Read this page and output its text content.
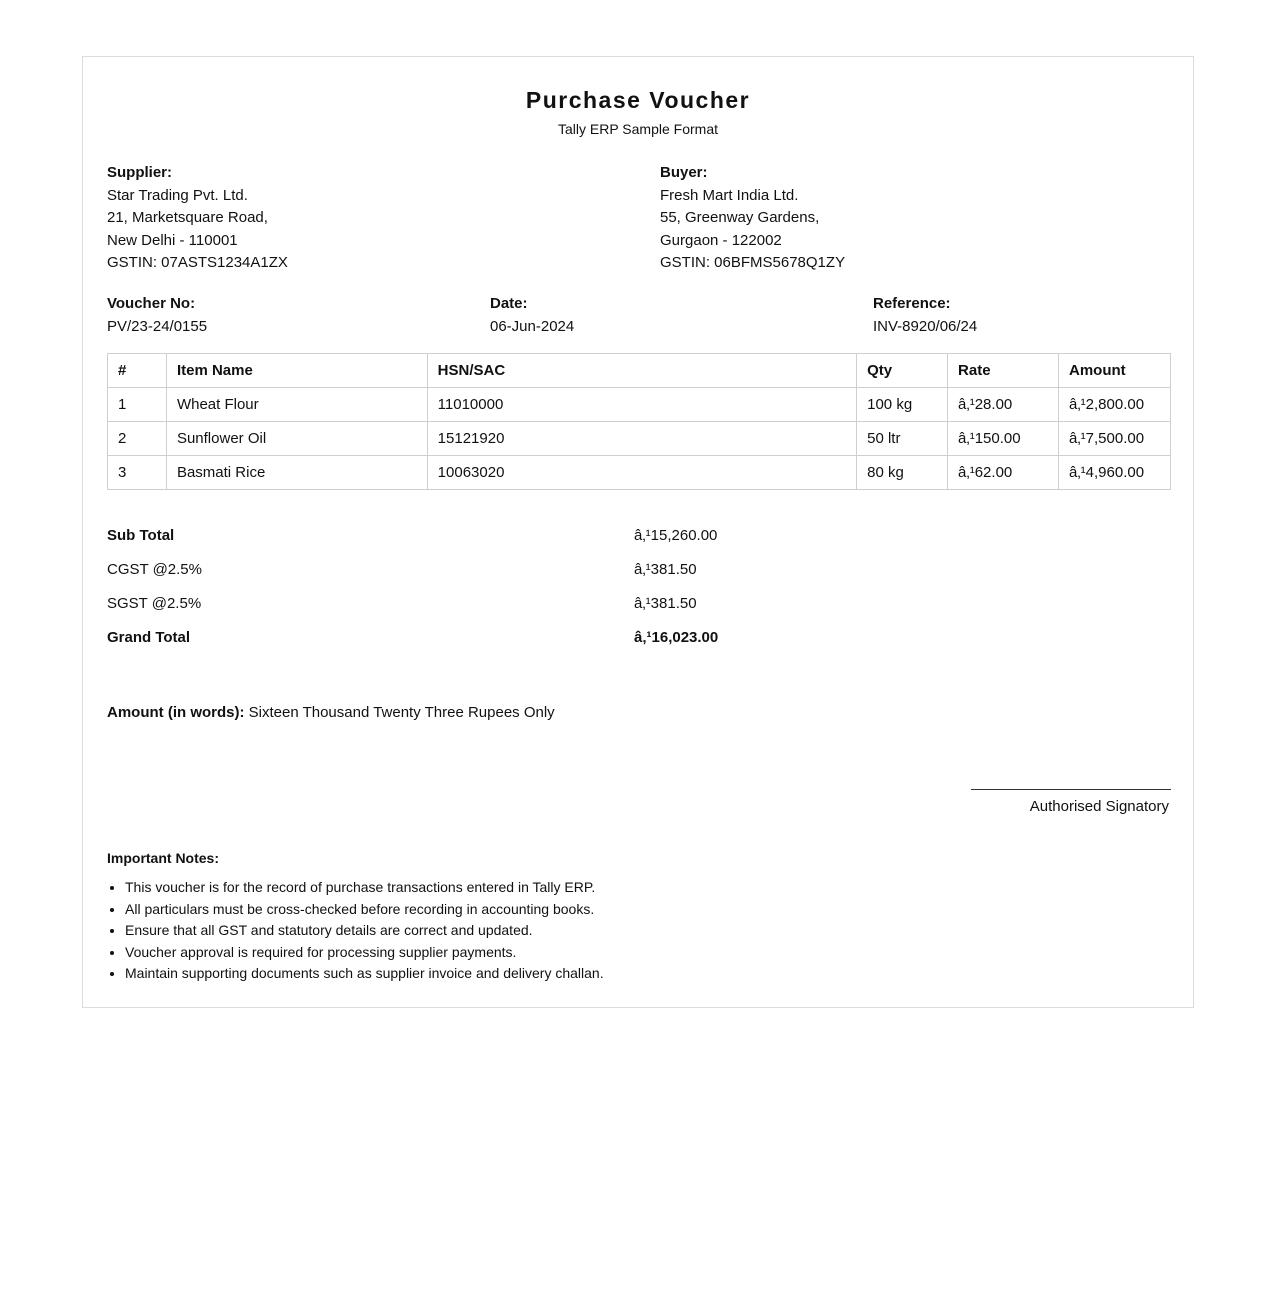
Purchase Voucher
Tally ERP Sample Format
Supplier:
Star Trading Pvt. Ltd.
21, Marketsquare Road,
New Delhi - 110001
GSTIN: 07ASTS1234A1ZX
Buyer:
Fresh Mart India Ltd.
55, Greenway Gardens,
Gurgaon - 122002
GSTIN: 06BFMS5678Q1ZY
Voucher No:
PV/23-24/0155
Date:
06-Jun-2024
Reference:
INV-8920/06/24
#	Item Name	HSN/SAC	Qty	Rate	Amount
1	Wheat Flour	11010000	100 kg	â‚¹28.00	â‚¹2,800.00
2	Sunflower Oil	15121920	50 ltr	â‚¹150.00	â‚¹7,500.00
3	Basmati Rice	10063020	80 kg	â‚¹62.00	â‚¹4,960.00
Sub Total	â‚¹15,260.00
CGST @2.5%	â‚¹381.50
SGST @2.5%	â‚¹381.50
Grand Total	â‚¹16,023.00
Amount (in words): Sixteen Thousand Twenty Three Rupees Only
Authorised Signatory
Important Notes:
• This voucher is for the record of purchase transactions entered in Tally ERP.
• All particulars must be cross-checked before recording in accounting books.
• Ensure that all GST and statutory details are correct and updated.
• Voucher approval is required for processing supplier payments.
• Maintain supporting documents such as supplier invoice and delivery challan.
